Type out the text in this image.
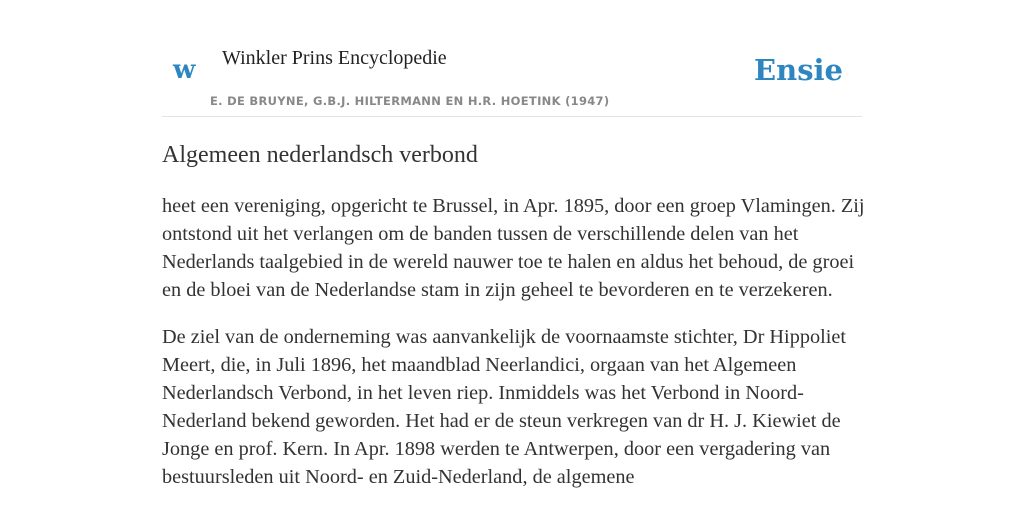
w Winkler Prins Encyclopedie
E. DE BRUYNE, G.B.J. HILTERMANN EN H.R. HOETINK (1947)
Ensie
Algemeen nederlandsch verbond

heet een vereniging, opgericht te Brussel, in Apr. 1895, door een groep Vlamingen. Zij ontstond uit het verlangen om de banden tussen de verschillende delen van het Nederlands taalgebied in de wereld nauwer toe te halen en aldus het behoud, de groei en de bloei van de Nederlandse stam in zijn geheel te bevorderen en te verzekeren.

De ziel van de onderneming was aanvankelijk de voornaamste stichter, Dr Hippoliet Meert, die, in Juli 1896, het maandblad Neerlandici, orgaan van het Algemeen Nederlandsch Verbond, in het leven riep. Inmiddels was het Verbond in Noord-Nederland bekend geworden. Het had er de steun verkregen van dr H. J. Kiewiet de Jonge en prof. Kern. In Apr. 1898 werden te Antwerpen, door een vergadering van bestuursleden uit Noord- en Zuid-Nederland, de algemene
